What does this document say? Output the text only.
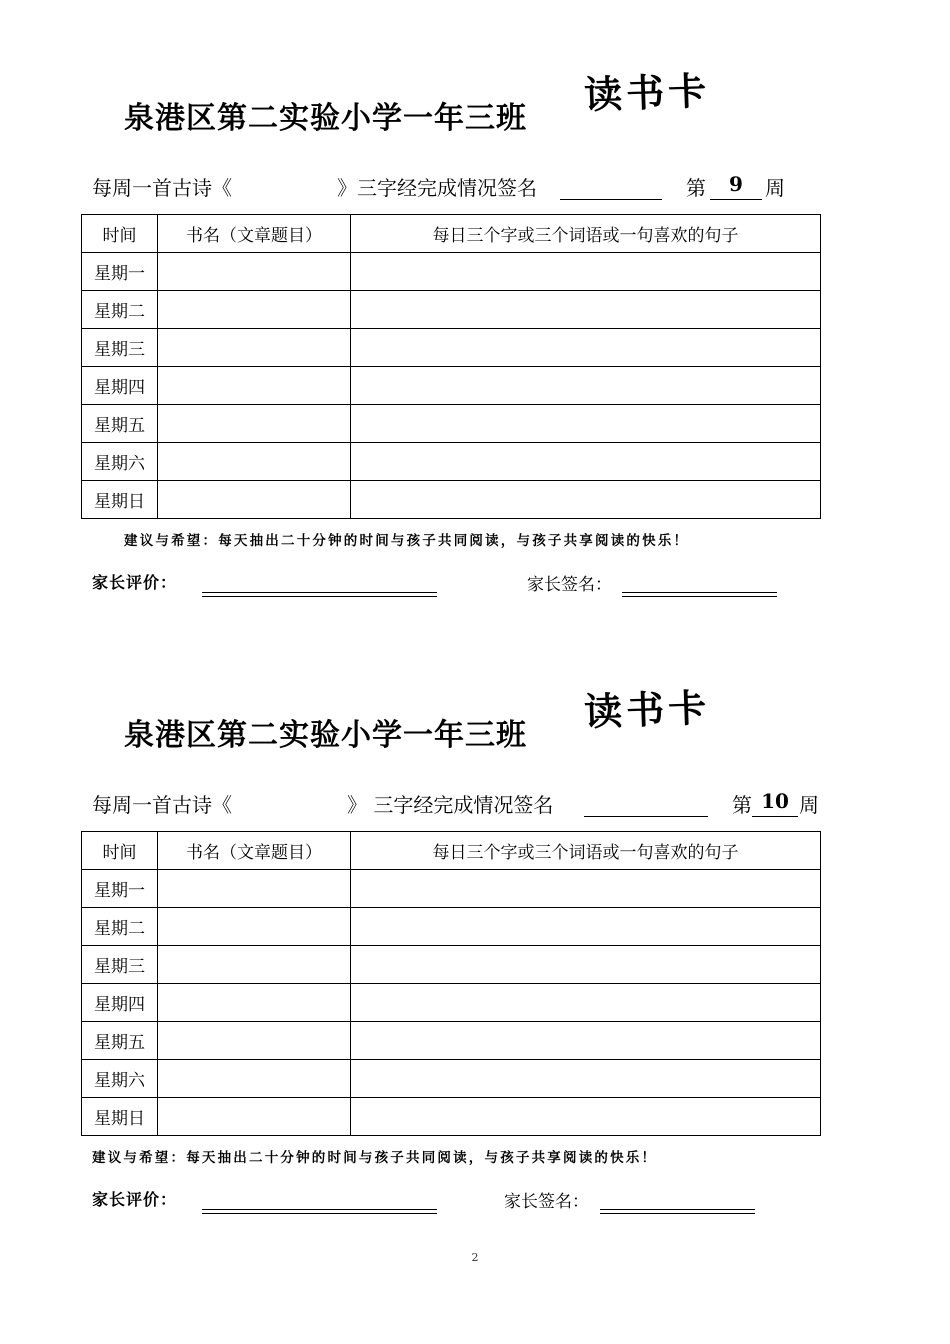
泉港区第二实验小学一年三班
读书卡
每周一首古诗《	》三字经完成情况签名	第	9	周
时间	书名（文章题目）	每日三个字或三个词语或一句喜欢的句子
星期一		
星期二		
星期三		
星期四		
星期五		
星期六		
星期日		
建议与希望：每天抽出二十分钟的时间与孩子共同阅读，与孩子共享阅读的快乐！
家长评价：	家长签名：
泉港区第二实验小学一年三班
读书卡
每周一首古诗《	》 三字经完成情况签名	第 10 周
时间	书名（文章题目）	每日三个字或三个词语或一句喜欢的句子
星期一		
星期二		
星期三		
星期四		
星期五		
星期六		
星期日		
建议与希望：每天抽出二十分钟的时间与孩子共同阅读，与孩子共享阅读的快乐！
家长评价：	家长签名：
2
